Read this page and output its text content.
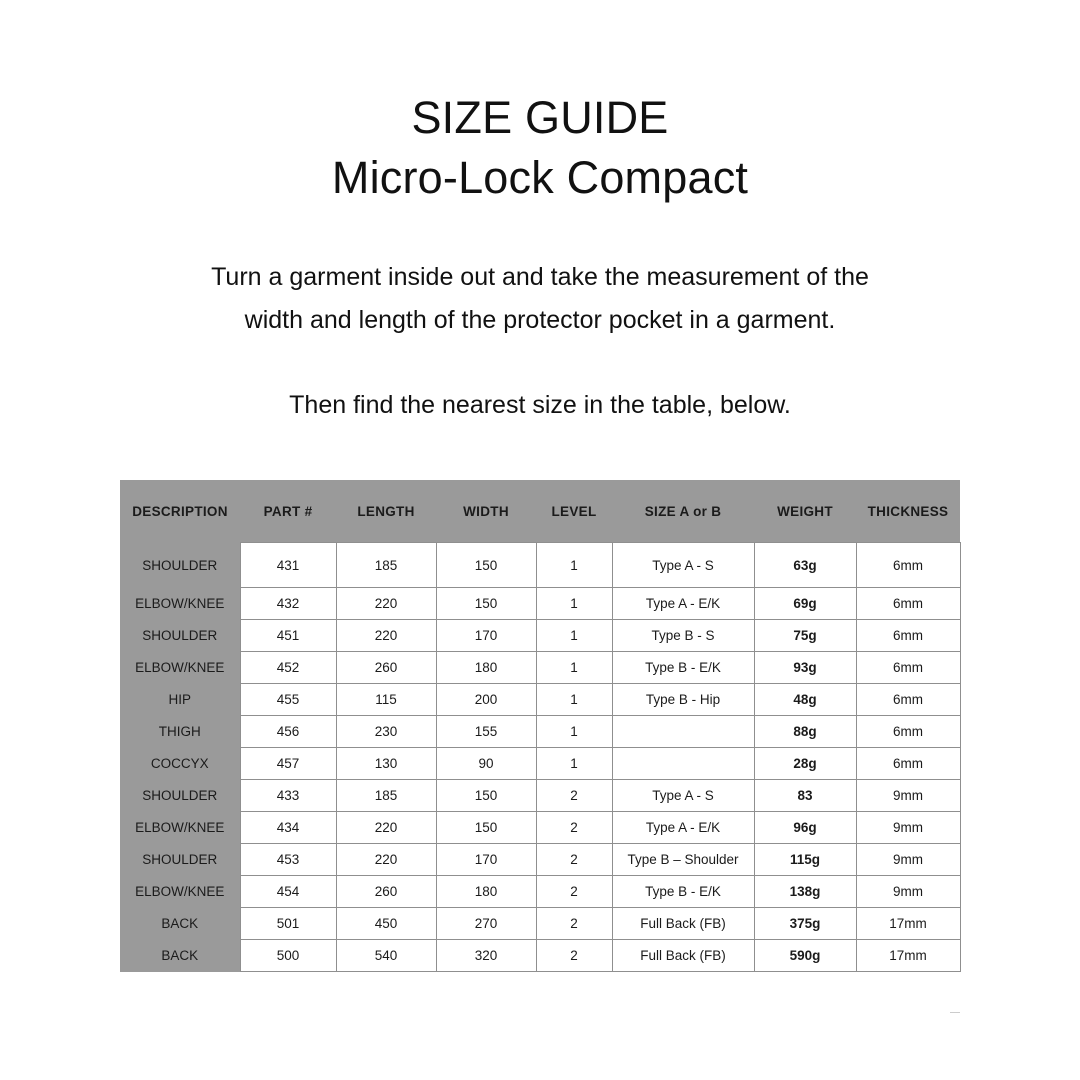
SIZE GUIDE
Micro-Lock Compact
Turn a garment inside out and take the measurement of the
width and length of the protector pocket in a garment.
Then find the nearest size in the table, below.
DESCRIPTION	PART #	LENGTH	WIDTH	LEVEL	SIZE A or B	WEIGHT	THICKNESS
SHOULDER	431	185	150	1	Type A - S	63g	6mm
ELBOW/KNEE	432	220	150	1	Type A - E/K	69g	6mm
SHOULDER	451	220	170	1	Type B - S	75g	6mm
ELBOW/KNEE	452	260	180	1	Type B - E/K	93g	6mm
HIP	455	115	200	1	Type B - Hip	48g	6mm
THIGH	456	230	155	1		88g	6mm
COCCYX	457	130	90	1		28g	6mm
SHOULDER	433	185	150	2	Type A - S	83	9mm
ELBOW/KNEE	434	220	150	2	Type A - E/K	96g	9mm
SHOULDER	453	220	170	2	Type B – Shoulder	115g	9mm
ELBOW/KNEE	454	260	180	2	Type B - E/K	138g	9mm
BACK	501	450	270	2	Full Back (FB)	375g	17mm
BACK	500	540	320	2	Full Back (FB)	590g	17mm
